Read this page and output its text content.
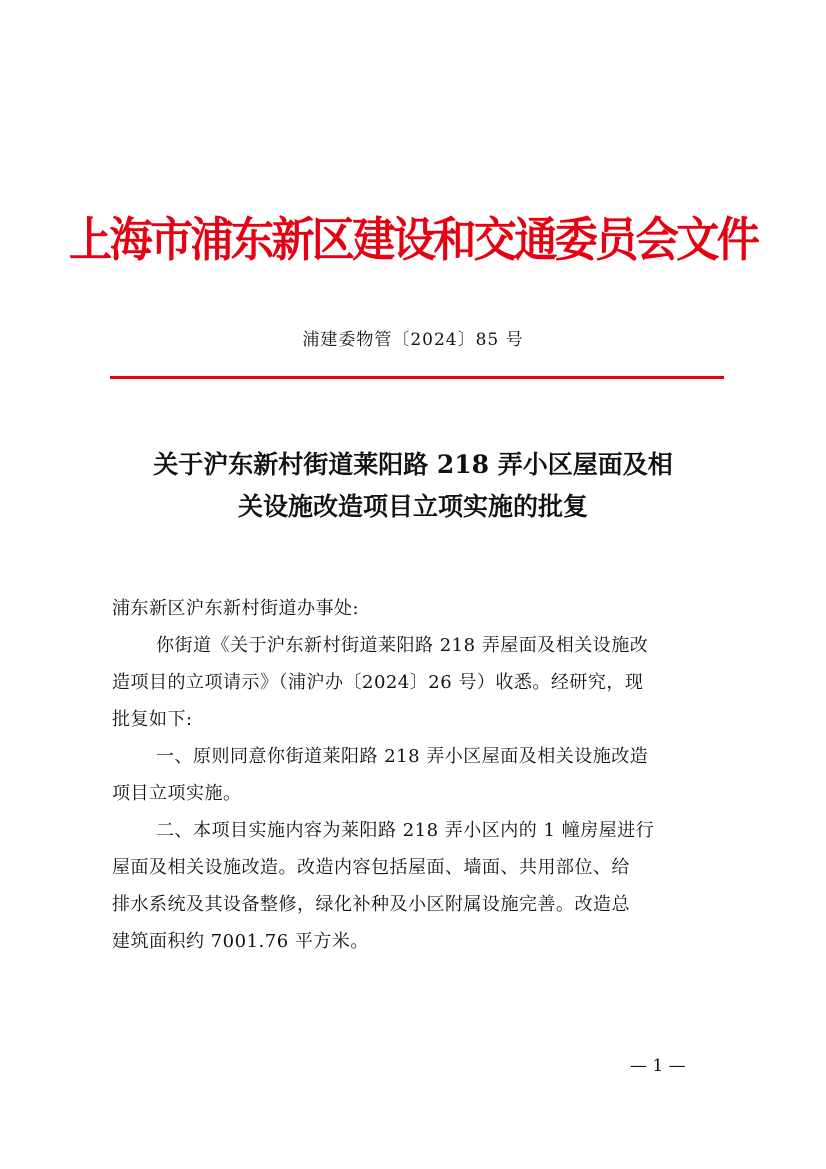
上海市浦东新区建设和交通委员会文件
浦建委物管〔2024〕85 号
关于沪东新村街道莱阳路 218 弄小区屋面及相
关设施改造项目立项实施的批复
浦东新区沪东新村街道办事处:
你街道《关于沪东新村街道莱阳路 218 弄屋面及相关设施改
造项目的立项请示》（浦沪办〔2024〕26 号）收悉。经研究，现
批复如下:
一、原则同意你街道莱阳路 218 弄小区屋面及相关设施改造
项目立项实施。
二、本项目实施内容为莱阳路 218 弄小区内的 1 幢房屋进行
屋面及相关设施改造。改造内容包括屋面、墙面、共用部位、给
排水系统及其设备整修，绿化补种及小区附属设施完善。改造总
建筑面积约 7001.76 平方米。
— 1 —
